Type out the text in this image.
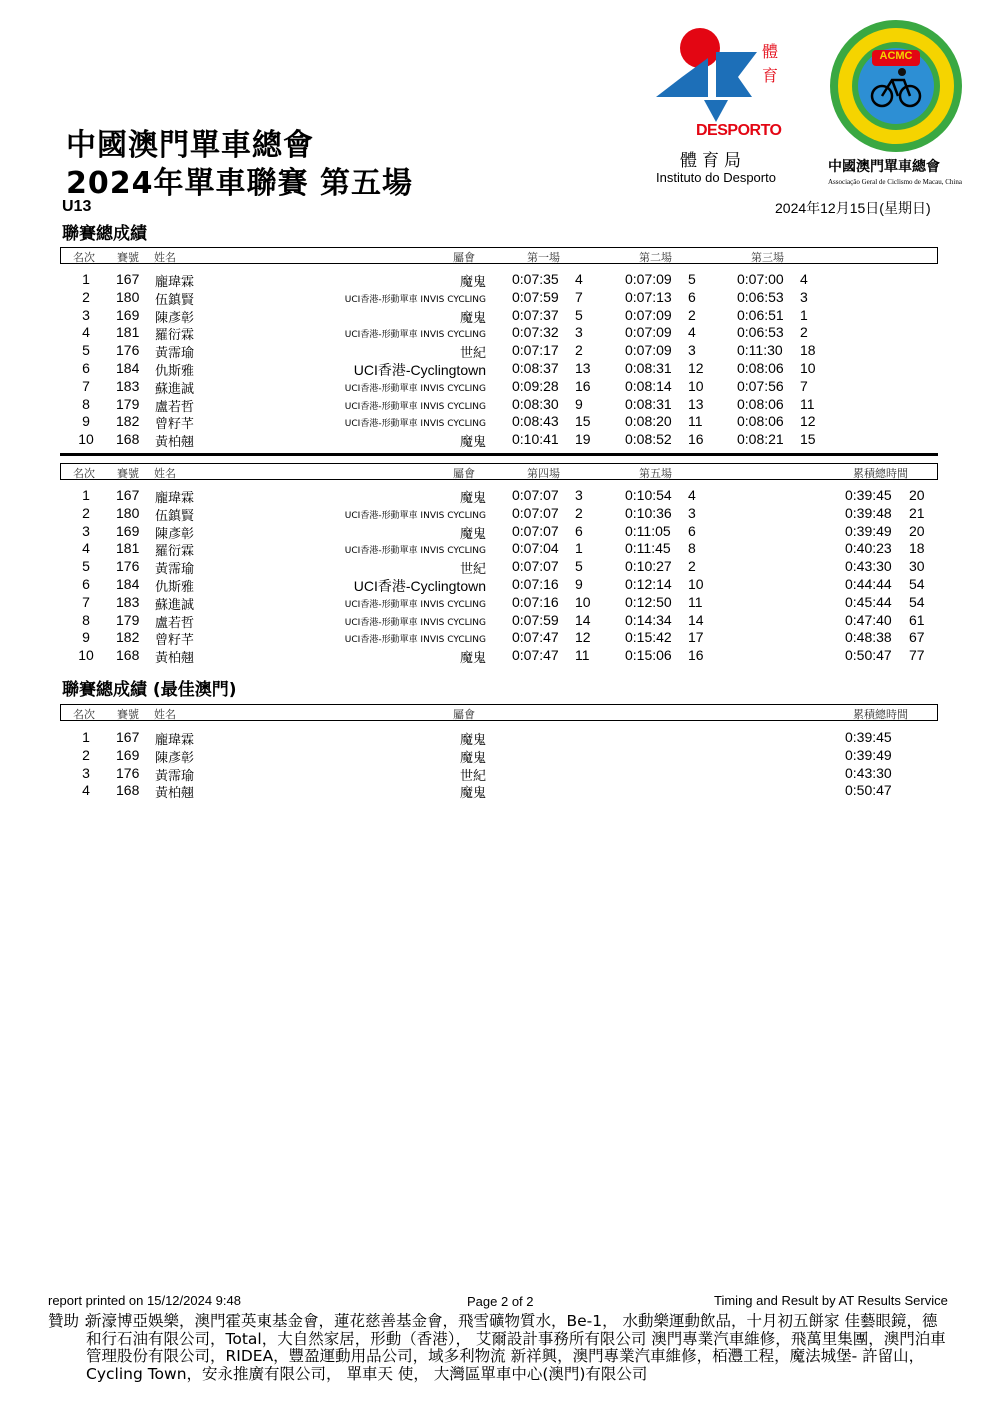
中國澳門單車總會
2024年單車聯賽 第五場
U13
聯賽總成績
2024年12月15日(星期日)
體
育
DESPORTO
體育局
Instituto do Desporto
ACMC
中國澳門單車總會
Associação Geral de Ciclismo de Macau, China
名次 賽號 姓名	屬會	第一場	第二場	第三場
1	167 龐瑋霖	魔鬼 0:07:35 4	0:07:09 5	0:07:00 4
2	180 伍鎮賢	UCI香港-形動單車 INVIS CYCLING 0:07:59 7	0:07:13 6	0:06:53 3
3	169 陳彥彰	魔鬼 0:07:37 5	0:07:09 2	0:06:51 1
4	181 羅衍霖	UCI香港-形動單車 INVIS CYCLING 0:07:32 3	0:07:09 4	0:06:53 2
5	176 黃霈瑜	世紀 0:07:17 2	0:07:09 3	0:11:30 18
6	184 仇斯雅	UCI香港-Cyclingtown 0:08:37 13 0:08:31 12 0:08:06 10
7	183 蘇進誠	UCI香港-形動單車 INVIS CYCLING 0:09:28 16 0:08:14 10 0:07:56 7
8	179 盧若哲	UCI香港-形動單車 INVIS CYCLING 0:08:30 9	0:08:31 13 0:08:06 11
9	182 曾籽芊	UCI香港-形動單車 INVIS CYCLING 0:08:43 15 0:08:20 11 0:08:06 12
10 168 黃柏翹	魔鬼 0:10:41 19 0:08:52 16 0:08:21 15
名次 賽號 姓名	屬會	第四場	第五場	累積總時間
1	167 龐瑋霖	魔鬼 0:07:07 3	0:10:54 4	0:39:45 20
2	180 伍鎮賢	UCI香港-形動單車 INVIS CYCLING 0:07:07 2	0:10:36 3	0:39:48 21
3	169 陳彥彰	魔鬼 0:07:07 6	0:11:05 6	0:39:49 20
4	181 羅衍霖	UCI香港-形動單車 INVIS CYCLING 0:07:04 1	0:11:45 8	0:40:23 18
5	176 黃霈瑜	世紀 0:07:07 5	0:10:27 2	0:43:30 30
6	184 仇斯雅	UCI香港-Cyclingtown 0:07:16 9	0:12:14 10	0:44:44 54
7	183 蘇進誠	UCI香港-形動單車 INVIS CYCLING 0:07:16 10 0:12:50 11	0:45:44 54
8	179 盧若哲	UCI香港-形動單車 INVIS CYCLING 0:07:59 14 0:14:34 14	0:47:40 61
9	182 曾籽芊	UCI香港-形動單車 INVIS CYCLING 0:07:47 12 0:15:42 17	0:48:38 67
10 168 黃柏翹	魔鬼 0:07:47 11	0:15:06 16	0:50:47 77
聯賽總成績 (最佳澳門)
名次 賽號 姓名	屬會	累積總時間
1	167 龐瑋霖	魔鬼	0:39:45
2	169 陳彥彰	魔鬼	0:39:49
3	176 黃霈瑜	世紀	0:43:30
4	168 黃柏翹	魔鬼	0:50:47
report printed on 15/12/2024 9:48	Page 2 of 2	Timing and Result by AT Results Service
贊助 :
新濠博亞娛樂，澳門霍英東基金會，蓮花慈善基金會，飛雪礦物質水，Be-1， 水動樂運動飲品，十月初五餅家 佳藝眼鏡，德和行石油有限公司，Total，大自然家居，形動（香港）， 艾爾設計事務所有限公司 澳門專業汽車維修，飛萬里集團，澳門泊車管理股份有限公司，RIDEA，豐盈運動用品公司，域多利物流 新祥興，澳門專業汽車維修，栢灃工程，魔法城堡- 許留山，Cycling Town，安永推廣有限公司， 單車天 使， 大灣區單車中心(澳門)有限公司
